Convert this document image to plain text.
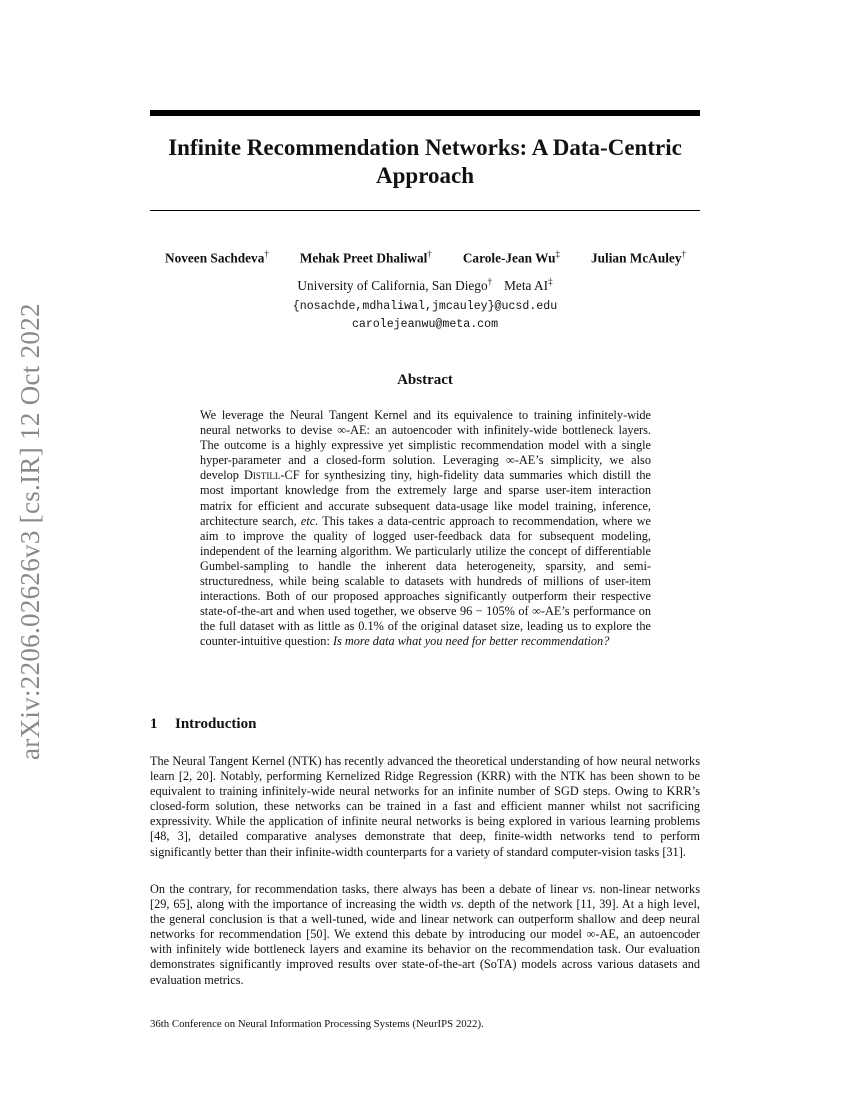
arXiv:2206.02626v3 [cs.IR] 12 Oct 2022
Infinite Recommendation Networks: A Data-Centric Approach
Noveen Sachdeva† Mehak Preet Dhaliwal† Carole-Jean Wu‡ Julian McAuley†
University of California, San Diego† Meta AI‡
{nosachde,mdhaliwal,jmcauley}@ucsd.edu
carolejeanwu@meta.com
Abstract

We leverage the Neural Tangent Kernel and its equivalence to training infinitely-wide neural networks to devise ∞-AE: an autoencoder with infinitely-wide bottleneck layers. The outcome is a highly expressive yet simplistic recommendation model with a single hyper-parameter and a closed-form solution. Leveraging ∞-AE’s simplicity, we also develop Distill-CF for synthesizing tiny, high-fidelity data summaries which distill the most important knowledge from the extremely large and sparse user-item interaction matrix for efficient and accurate subsequent data-usage like model training, inference, architecture search, etc. This takes a data-centric approach to recommendation, where we aim to improve the quality of logged user-feedback data for subsequent modeling, independent of the learning algorithm. We particularly utilize the concept of differentiable Gumbel-sampling to handle the inherent data heterogeneity, sparsity, and semi-structuredness, while being scalable to datasets with hundreds of millions of user-item interactions. Both of our proposed approaches significantly outperform their respective state-of-the-art and when used together, we observe 96 − 105% of ∞-AE’s performance on the full dataset with as little as 0.1% of the original dataset size, leading us to explore the counter-intuitive question: Is more data what you need for better recommendation?

1 Introduction

The Neural Tangent Kernel (NTK) has recently advanced the theoretical understanding of how neural networks learn [2, 20]. Notably, performing Kernelized Ridge Regression (KRR) with the NTK has been shown to be equivalent to training infinitely-wide neural networks for an infinite number of SGD steps. Owing to KRR’s closed-form solution, these networks can be trained in a fast and efficient manner whilst not sacrificing expressivity. While the application of infinite neural networks is being explored in various learning problems [48, 3], detailed comparative analyses demonstrate that deep, finite-width networks tend to perform significantly better than their infinite-width counterparts for a variety of standard computer-vision tasks [31].

On the contrary, for recommendation tasks, there always has been a debate of linear vs. non-linear networks [29, 65], along with the importance of increasing the width vs. depth of the network [11, 39]. At a high level, the general conclusion is that a well-tuned, wide and linear network can outperform shallow and deep neural networks for recommendation [50]. We extend this debate by introducing our model ∞-AE, an autoencoder with infinitely wide bottleneck layers and examine its behavior on the recommendation task. Our evaluation demonstrates significantly improved results over state-of-the-art (SoTA) models across various datasets and evaluation metrics.

36th Conference on Neural Information Processing Systems (NeurIPS 2022).
